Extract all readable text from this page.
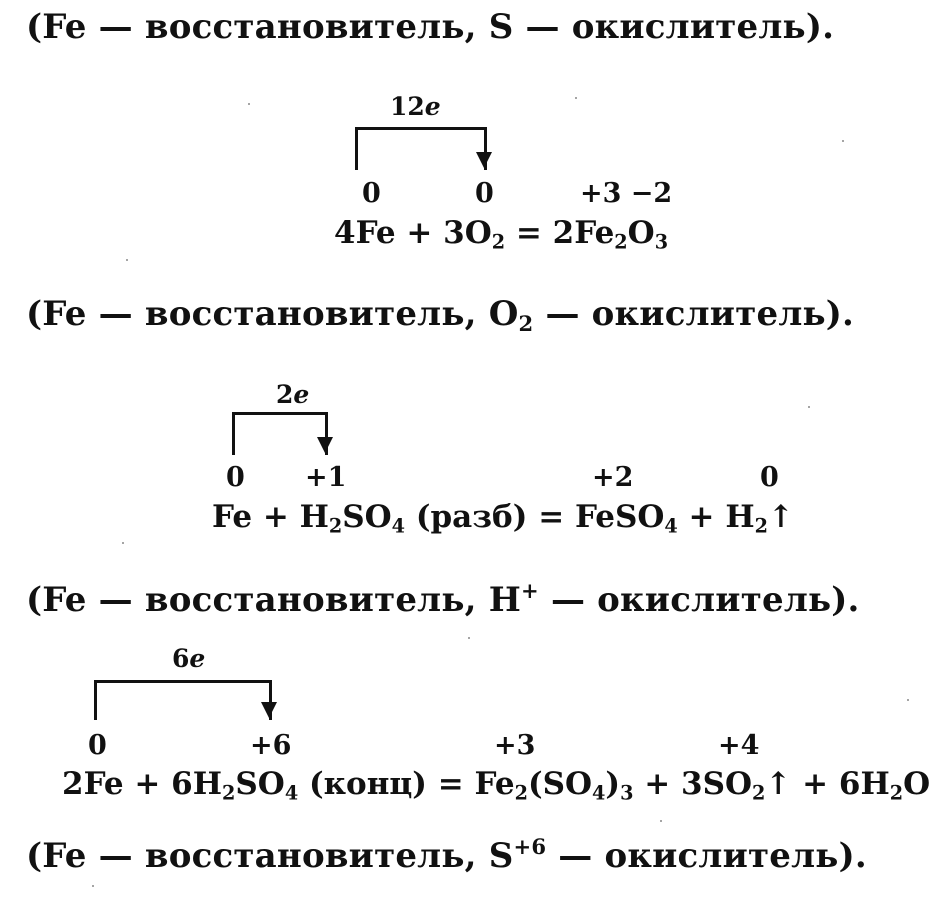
(Fe — восстановитель, S — окислитель).
12e
0	0	+3 −2
$4Fe + 3O_2 = 2Fe_2O_3$
(Fe — восстановитель, $O_2$ — окислитель).
2e
0 +1	+2	0
$Fe + H_2SO_4$ (разб) = FeSO$_4$ + $H_2↑$
(Fe — восстановитель, H+ — окислитель).
6e
0	+6	+3	+4
$2Fe + 6H_2SO_4$ (конц) = $Fe_2(SO_4)_3$ + $3SO_2↑ + 6H_2O$
(Fe — восстановитель, $S^{+6}$ — окислитель).
